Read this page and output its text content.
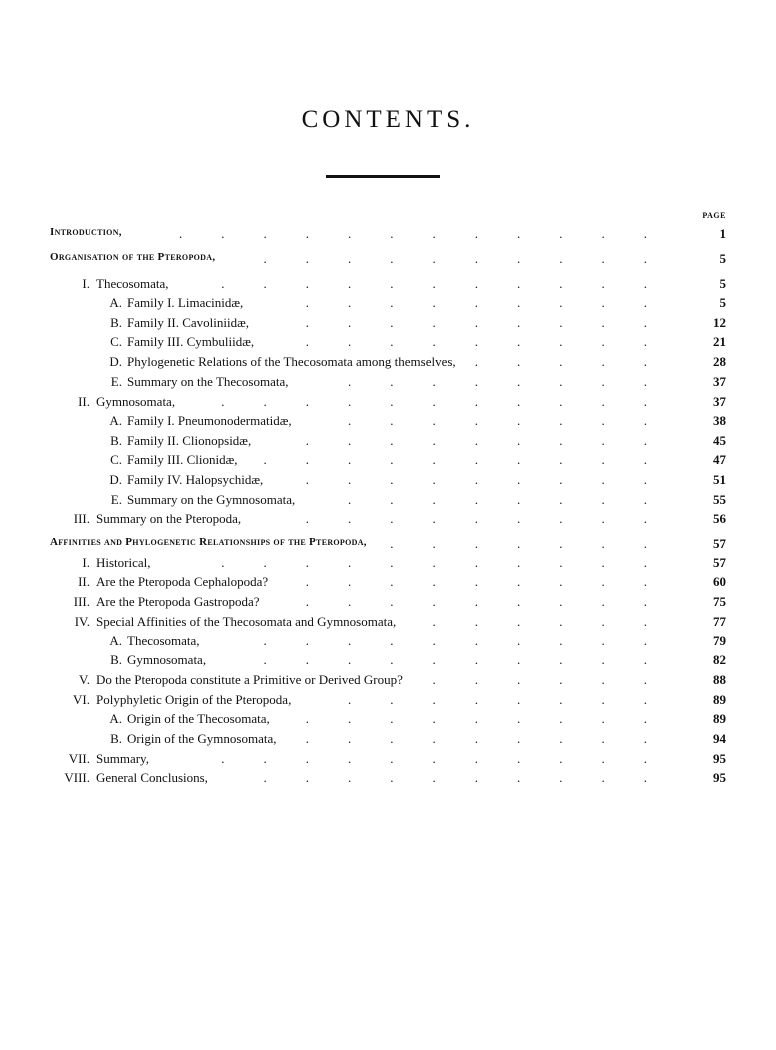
CONTENTS.
PAGE
Introduction,	1
.   .   .   .   .   .   .   .   .   .   .   .   
Organisation of the Pteropoda,	5
.   .   .   .   .   .   .   .   .   .   
I. Thecosomata,	5
.   .   .   .   .   .   .   .   .   .   .   
A. Family I. Limacinidæ,	5
.   .   .   .   .   .   .   .   .   
B. Family II. Cavoliniidæ,	12
.   .   .   .   .   .   .   .   .   
C. Family III. Cymbuliidæ,	21
.   .   .   .   .   .   .   .   .   
D. Phylogenetic Relations of the Thecosomata among themselves,	28
.   .   .   .   .   
E. Summary on the Thecosomata,	37
.   .   .   .   .   .   .   .   
II. Gymnosomata,	37
.   .   .   .   .   .   .   .   .   .   .   
A. Family I. Pneumonodermatidæ,	38
.   .   .   .   .   .   .   .   
B. Family II. Clionopsidæ,	45
.   .   .   .   .   .   .   .   .   
C. Family III. Clionidæ,	47
.   .   .   .   .   .   .   .   .   .   
D. Family IV. Halopsychidæ,	51
.   .   .   .   .   .   .   .   .   
E. Summary on the Gymnosomata,	55
.   .   .   .   .   .   .   .   
III. Summary on the Pteropoda,	56
.   .   .   .   .   .   .   .   .   
Affinities and Phylogenetic Relationships of the Pteropoda,	57
.   .   .   .   .   .   .   
I. Historical,	57
.   .   .   .   .   .   .   .   .   .   .   
II. Are the Pteropoda Cephalopoda?	60
.   .   .   .   .   .   .   .   .   
III. Are the Pteropoda Gastropoda?	75
.   .   .   .   .   .   .   .   .   
IV. Special Affinities of the Thecosomata and Gymnosomata,	77
.   .   .   .   .   .   
A. Thecosomata,	79
.   .   .   .   .   .   .   .   .   .   
B. Gymnosomata,	82
.   .   .   .   .   .   .   .   .   .   
V. Do the Pteropoda constitute a Primitive or Derived Group?	88
.   .   .   .   .   .   
VI. Polyphyletic Origin of the Pteropoda,	89
.   .   .   .   .   .   .   .   
A. Origin of the Thecosomata,	89
.   .   .   .   .   .   .   .   .   
B. Origin of the Gymnosomata,	94
.   .   .   .   .   .   .   .   .   
VII. Summary,	95
.   .   .   .   .   .   .   .   .   .   .   
VIII. General Conclusions,	95
.   .   .   .   .   .   .   .   .   .   
